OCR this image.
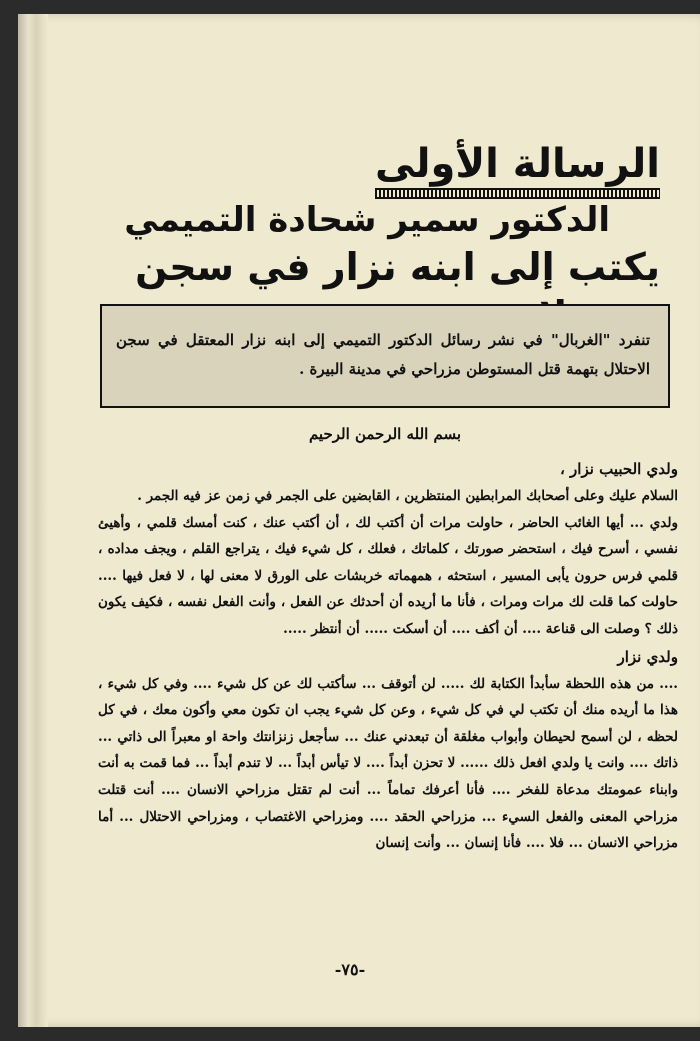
الرسالة الأولى
الدكتور سمير شحادة التميمي
يكتب إلى ابنه نزار في سجن
تنفرد "الغربال" في نشر رسائل الدكتور التميمي إلى ابنه نزار المعتقل في سجن الاحتلال بتهمة قتل المستوطن مزراحي في مدينة البيرة .
بسم الله الرحمن الرحيم

ولدي الحبيب نزار ،

السلام عليك وعلى أصحابك المرابطين المنتظرين ، القابضين على الجمر في زمن عز فيه الجمر .

ولدي ... أيها الغائب الحاضر ، حاولت مرات أن أكتب لك ، أن أكتب عنك ، كنت أمسك قلمي ، وأهيئ نفسي ، أسرح فيك ، استحضر صورتك ، كلماتك ، فعلك ، كل شيء فيك ، يتراجع القلم ، ويجف مداده ، قلمي فرس حرون يأبى المسير ، استحثه ، همهماته خربشات على الورق لا معنى لها ، لا فعل فيها .... حاولت كما قلت لك مرات ومرات ، فأنا ما أريده أن أحدثك عن الفعل ، وأنت الفعل نفسه ، فكيف يكون ذلك ؟ وصلت الى قناعة .... أن أكف .... أن أسكت ..... أن أنتظر .....

ولدي نزار

.... من هذه اللحظة سأبدأ الكتابة لك ..... لن أتوقف ... سأكتب لك عن كل شيء .... وفي كل شيء ، هذا ما أريده منك أن تكتب لي في كل شيء ، وعن كل شيء يجب ان تكون معي وأكون معك ، في كل لحظه ، لن أسمح لحيطان وأبواب مغلقة أن تبعدني عنك ... سأجعل زنزانتك واحة او معبراً الى ذاتي ... ذاتك .... وانت يا ولدي افعل ذلك ...... لا تحزن أبداً .... لا تيأس أبداً ... لا تندم أبداً ... فما قمت به أنت وابناء عمومتك مدعاة للفخر .... فأنا أعرفك تماماً ... أنت لم تقتل مزراحي الانسان .... أنت قتلت مزراحي المعنى والفعل السيء ... مزراحي الحقد .... ومزراحي الاغتصاب ، ومزراحي الاحتلال ... أما مزراحي الانسان ... فلا .... فأنا إنسان ... وأنت إنسان

-٧٥-
